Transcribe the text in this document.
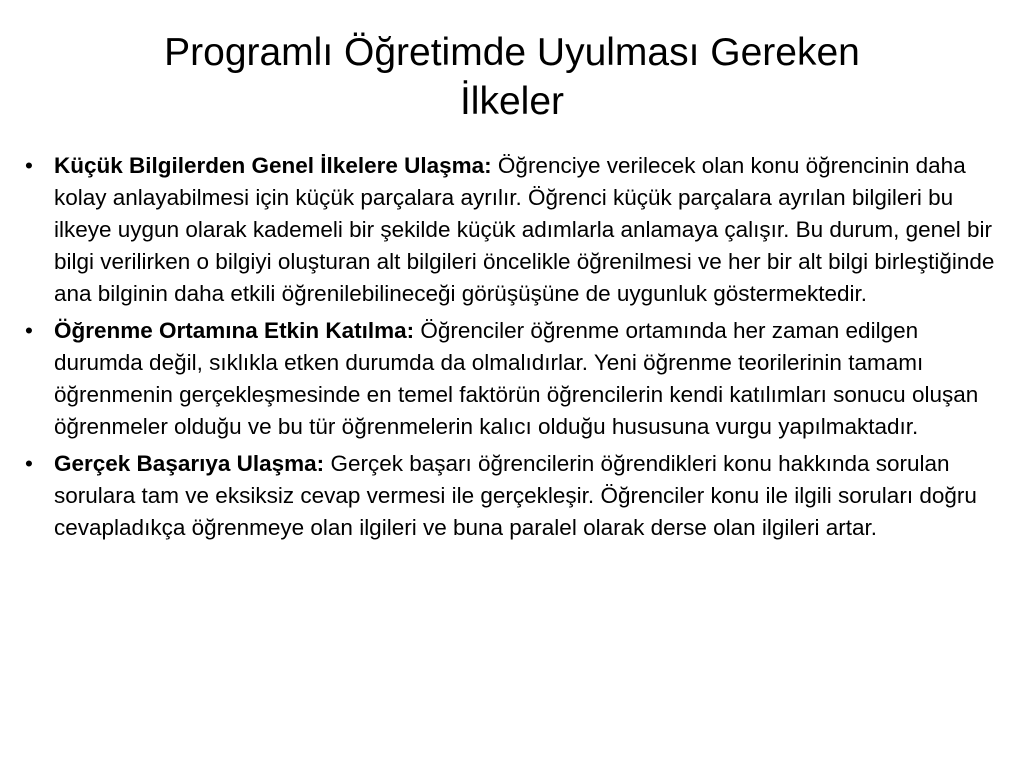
Programlı Öğretimde Uyulması Gereken
İlkeler
• Küçük Bilgilerden Genel İlkelere Ulaşma: Öğrenciye verilecek olan konu öğrencinin daha kolay anlayabilmesi için küçük parçalara ayrılır. Öğrenci küçük parçalara ayrılan bilgileri bu ilkeye uygun olarak kademeli bir şekilde küçük adımlarla anlamaya çalışır. Bu durum, genel bir bilgi verilirken o bilgiyi oluşturan alt bilgileri öncelikle öğrenilmesi ve her bir alt bilgi birleştiğinde ana bilginin daha etkili öğrenilebilineceği görüşüşüne de uygunluk göstermektedir.
• Öğrenme Ortamına Etkin Katılma: Öğrenciler öğrenme ortamında her zaman edilgen durumda değil, sıklıkla etken durumda da olmalıdırlar. Yeni öğrenme teorilerinin tamamı öğrenmenin gerçekleşmesinde en temel faktörün öğrencilerin kendi katılımları sonucu oluşan öğrenmeler olduğu ve bu tür öğrenmelerin kalıcı olduğu hususuna vurgu yapılmaktadır.
• Gerçek Başarıya Ulaşma: Gerçek başarı öğrencilerin öğrendikleri konu hakkında sorulan sorulara tam ve eksiksiz cevap vermesi ile gerçekleşir. Öğrenciler konu ile ilgili soruları doğru cevapladıkça öğrenmeye olan ilgileri ve buna paralel olarak derse olan ilgileri artar.
